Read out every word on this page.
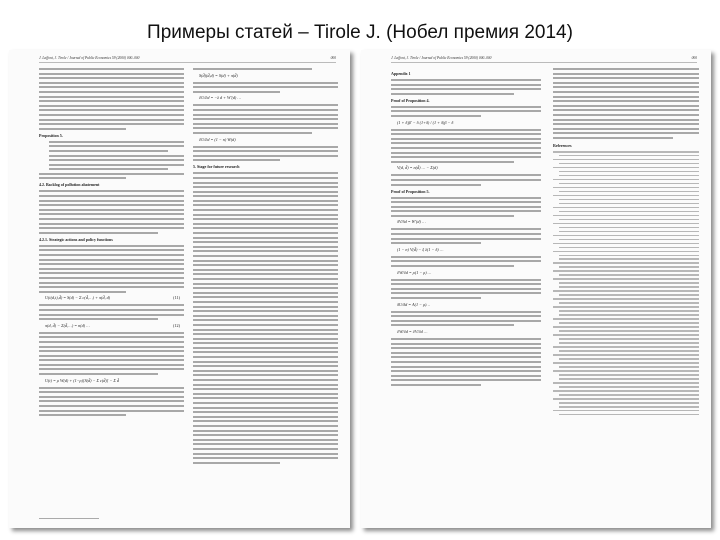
Примеры статей – Tirole J. (Нобел премия 2014)
J. Laffont, J. Tirole / Journal of Public Economics 59 (2000) 000–000	000
Proposition 5.
4.2. Backlog of pollution abatement
4.2.1. Strategic actions and policy functions
U(t(d,t),d̃) = S(d) − Σ c(d̃,…) + π(d̃, d)	(11)
π(d, d̃) − Σ(d̃,…) = n(d) …	(12)
U(t) = ρ W(d) + (1−ρ)[S(d̃) − Σ c(d̃)] − Σ d̃
S(d̃)(d̃,d) = S(d) + π(d̃)
∂U/∂d = −λ d + W′(d) …
∂U/∂d = (1 − n) W(d)
5. Stage for future research
J. Laffont, J. Tirole / Journal of Public Economics 59 (2000) 000–000	000
Appendix 1
Proof of Proposition 4.
(1 + δ)β′ − δ (1+δ) / (1 + δ)β − δ
V(d, d̃) = n(d̃) … − Σ(d)
Proof of Proposition 5.
δV/δd = W′(d) …
(1 − n) V(d̃) − ξ λ(1 − δ) …
∂W/∂d = ρ(1 − ρ) …
δU/δd = A(1 − ρ)…
∂W/∂d = ∂V/∂d …
References
